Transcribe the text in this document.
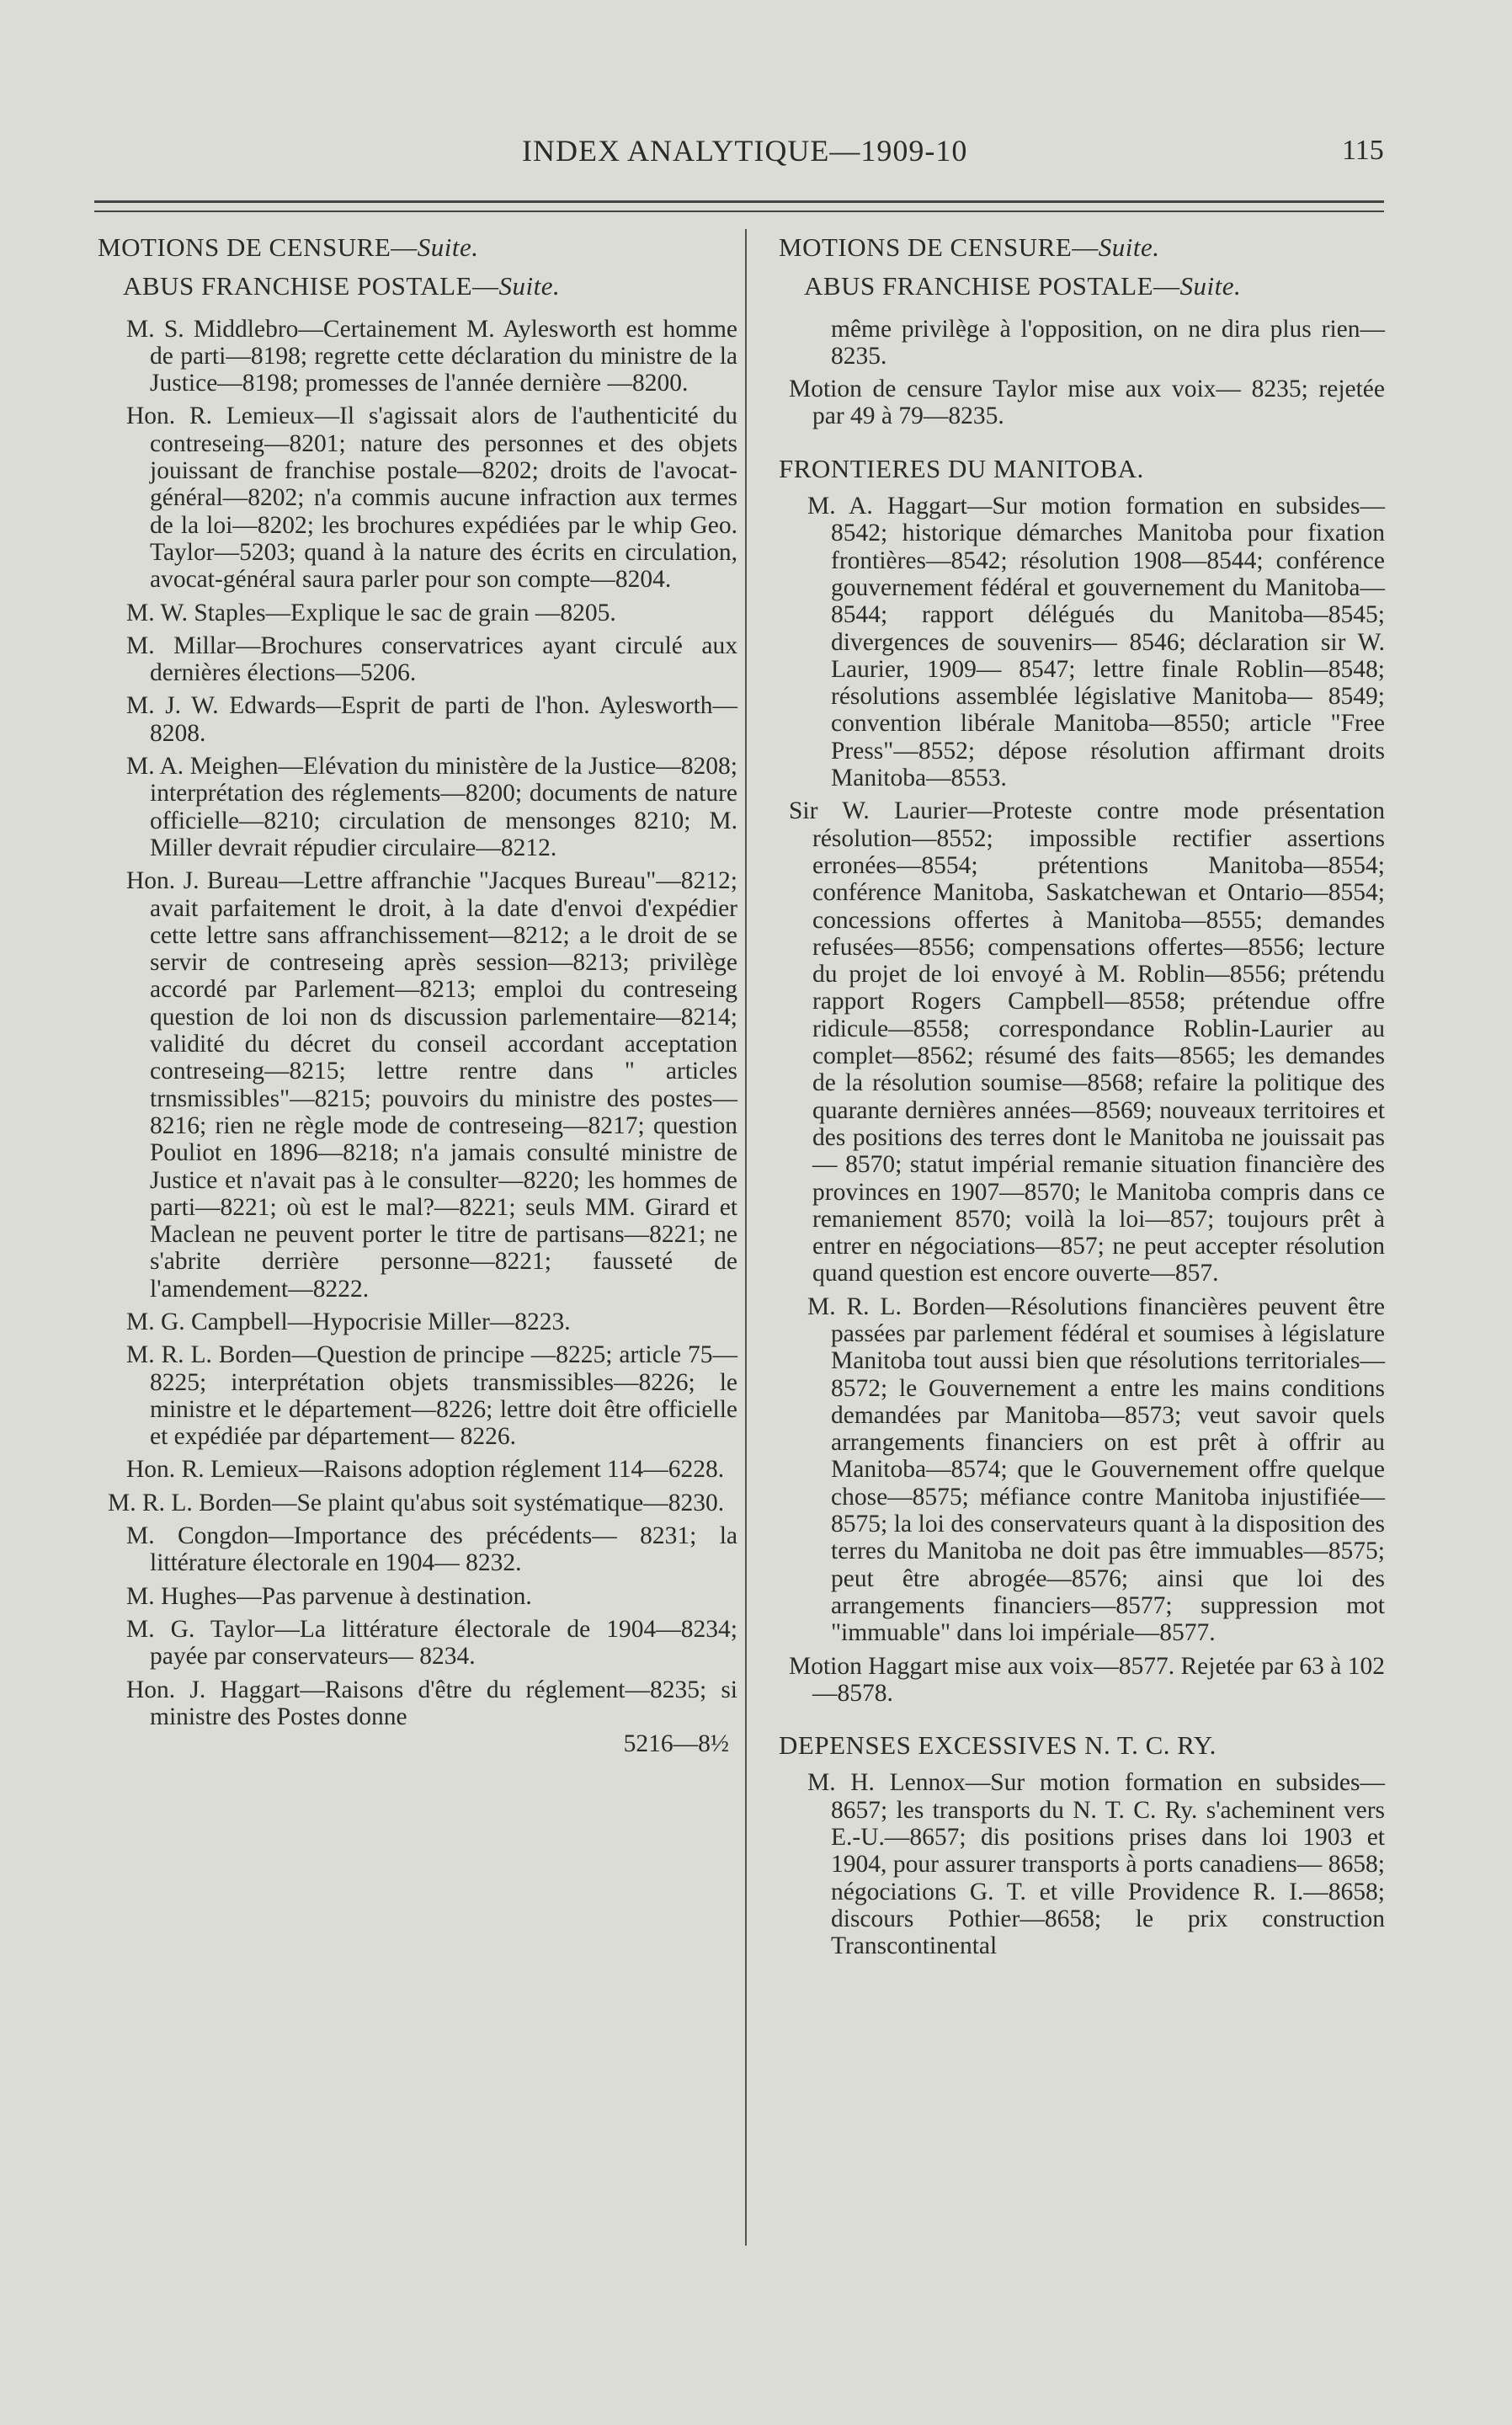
INDEX ANALYTIQUE—1909-10	115
MOTIONS DE CENSURE—Suite.
ABUS FRANCHISE POSTALE—Suite.

M. S. Middlebro—Certainement M. Aylesworth est homme de parti—8198; regrette cette déclaration du ministre de la Justice—8198; promesses de l'année dernière —8200.

Hon. R. Lemieux—Il s'agissait alors de l'authenticité du contreseing—8201; nature des personnes et des objets jouissant de franchise postale—8202; droits de l'avocat-général—8202; n'a commis aucune infraction aux termes de la loi—8202; les brochures expédiées par le whip Geo. Taylor—5203; quand à la nature des écrits en circulation, avocat-général saura parler pour son compte—8204.

M. W. Staples—Explique le sac de grain —8205.

M. Millar—Brochures conservatrices ayant circulé aux dernières élections—5206.

M. J. W. Edwards—Esprit de parti de l'hon. Aylesworth—8208.

M. A. Meighen—Elévation du ministère de la Justice—8208; interprétation des réglements—8200; documents de nature officielle—8210; circulation de mensonges 8210; M. Miller devrait répudier circulaire—8212.

Hon. J. Bureau—Lettre affranchie "Jacques Bureau"—8212; avait parfaitement le droit, à la date d'envoi d'expédier cette lettre sans affranchissement—8212; a le droit de se servir de contreseing après session—8213; privilège accordé par Parlement—8213; emploi du contreseing question de loi non ds discussion parlementaire—8214; validité du décret du conseil accordant acceptation contreseing—8215; lettre rentre dans " articles trnsmissibles"—8215; pouvoirs du ministre des postes—8216; rien ne règle mode de contreseing—8217; question Pouliot en 1896—8218; n'a jamais consulté ministre de Justice et n'avait pas à le consulter—8220; les hommes de parti—8221; où est le mal?—8221; seuls MM. Girard et Maclean ne peuvent porter le titre de partisans—8221; ne s'abrite derrière personne—8221; fausseté de l'amendement—8222.

M. G. Campbell—Hypocrisie Miller—8223.

M. R. L. Borden—Question de principe —8225; article 75—8225; interprétation objets transmissibles—8226; le ministre et le département—8226; lettre doit être officielle et expédiée par département— 8226.

Hon. R. Lemieux—Raisons adoption réglement 114—6228.

M. R. L. Borden—Se plaint qu'abus soit systématique—8230.

M. Congdon—Importance des précédents— 8231; la littérature électorale en 1904— 8232.

M. Hughes—Pas parvenue à destination.

M. G. Taylor—La littérature électorale de 1904—8234; payée par conservateurs— 8234.

Hon. J. Haggart—Raisons d'être du réglement—8235; si ministre des Postes donne

5216—8½
MOTIONS DE CENSURE—Suite.
ABUS FRANCHISE POSTALE—Suite.

même privilège à l'opposition, on ne dira plus rien—8235.

Motion de censure Taylor mise aux voix— 8235; rejetée par 49 à 79—8235.

FRONTIERES DU MANITOBA.

M. A. Haggart—Sur motion formation en subsides—8542; historique démarches Manitoba pour fixation frontières—8542; résolution 1908—8544; conférence gouvernement fédéral et gouvernement du Manitoba—8544; rapport délégués du Manitoba—8545; divergences de souvenirs— 8546; déclaration sir W. Laurier, 1909— 8547; lettre finale Roblin—8548; résolutions assemblée législative Manitoba— 8549; convention libérale Manitoba—8550; article "Free Press"—8552; dépose résolution affirmant droits Manitoba—8553.

Sir W. Laurier—Proteste contre mode présentation résolution—8552; impossible rectifier assertions erronées—8554; prétentions Manitoba—8554; conférence Manitoba, Saskatchewan et Ontario—8554; concessions offertes à Manitoba—8555; demandes refusées—8556; compensations offertes—8556; lecture du projet de loi envoyé à M. Roblin—8556; prétendu rapport Rogers Campbell—8558; prétendue offre ridicule—8558; correspondance Roblin-Laurier au complet—8562; résumé des faits—8565; les demandes de la résolution soumise—8568; refaire la politique des quarante dernières années—8569; nouveaux territoires et des positions des terres dont le Manitoba ne jouissait pas— 8570; statut impérial remanie situation financière des provinces en 1907—8570; le Manitoba compris dans ce remaniement 8570; voilà la loi—857; toujours prêt à entrer en négociations—857; ne peut accepter résolution quand question est encore ouverte—857.

M. R. L. Borden—Résolutions financières peuvent être passées par parlement fédéral et soumises à législature Manitoba tout aussi bien que résolutions territoriales—8572; le Gouvernement a entre les mains conditions demandées par Manitoba—8573; veut savoir quels arrangements financiers on est prêt à offrir au Manitoba—8574; que le Gouvernement offre quelque chose—8575; méfiance contre Manitoba injustifiée—8575; la loi des conservateurs quant à la disposition des terres du Manitoba ne doit pas être immuables—8575; peut être abrogée—8576; ainsi que loi des arrangements financiers—8577; suppression mot "immuable" dans loi impériale—8577.

Motion Haggart mise aux voix—8577. Rejetée par 63 à 102—8578.

DEPENSES EXCESSIVES N. T. C. RY.

M. H. Lennox—Sur motion formation en subsides—8657; les transports du N. T. C. Ry. s'acheminent vers E.-U.—8657; dis positions prises dans loi 1903 et 1904, pour assurer transports à ports canadiens— 8658; négociations G. T. et ville Providence R. I.—8658; discours Pothier—8658; le prix construction Transcontinental
